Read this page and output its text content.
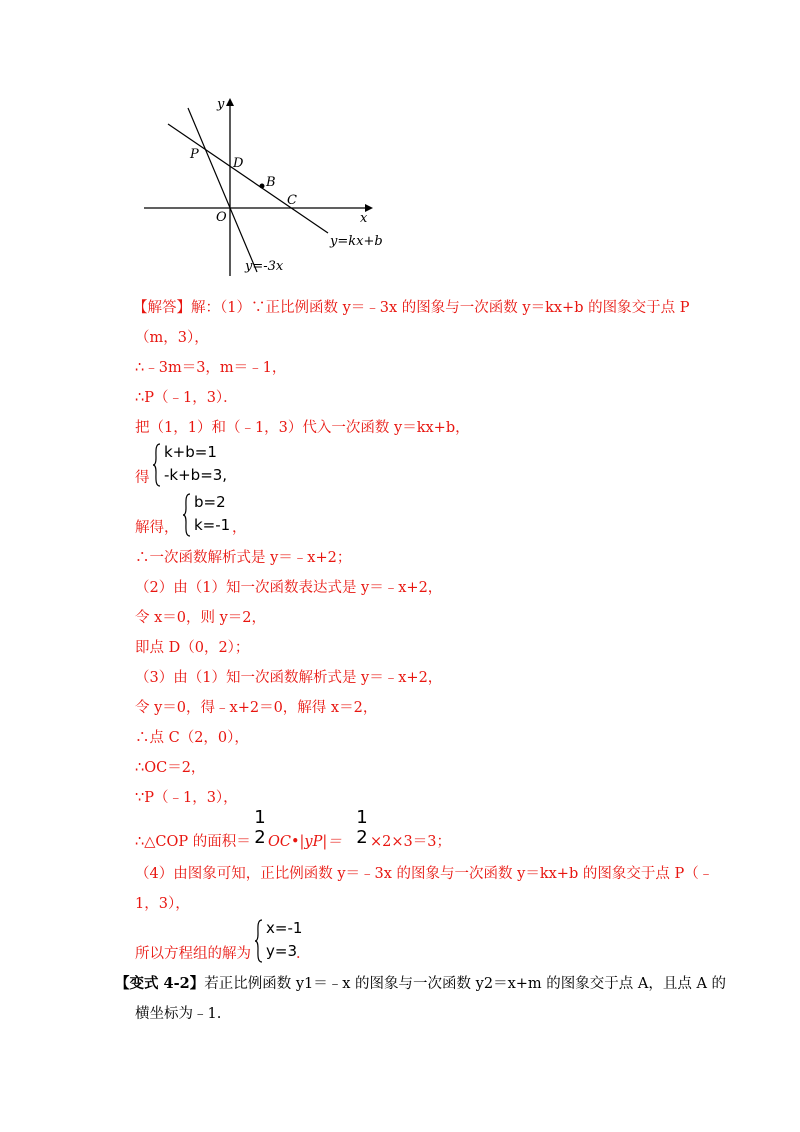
y
x
O
P
D
B
C
y=kx+b
y=-3x
【解答】解：（1）∵正比例函数 y＝﹣3x 的图象与一次函数 y＝kx+b 的图象交于点 P
（m，3），
∴﹣3m＝3，m＝﹣1，
∴P（﹣1，3）．
把（1，1）和（﹣1，3）代入一次函数 y＝kx+b，
得
k+b=1
-k+b=3,
解得，
b=2
k=-1 ，
∴一次函数解析式是 y＝﹣x+2；
（2）由（1）知一次函数表达式是 y＝﹣x+2，
令 x＝0，则 y＝2，
即点 D（0，2）；
（3）由（1）知一次函数解析式是 y＝﹣x+2，
令 y＝0，得﹣x+2＝0，解得 x＝2，
∴点 C（2，0），
∴OC＝2，
∵P（﹣1，3），
∴△COP 的面积＝
1
2 OC•|yP|＝
1
2 ×2×3＝3；
（4）由图象可知，正比例函数 y＝﹣3x 的图象与一次函数 y＝kx+b 的图象交于点 P（﹣
1，3），
所以方程组的解为
x=-1
y=3 ．
【变式 4-2】若正比例函数 y1＝﹣x 的图象与一次函数 y2＝x+m 的图象交于点 A，且点 A 的
横坐标为﹣1.
